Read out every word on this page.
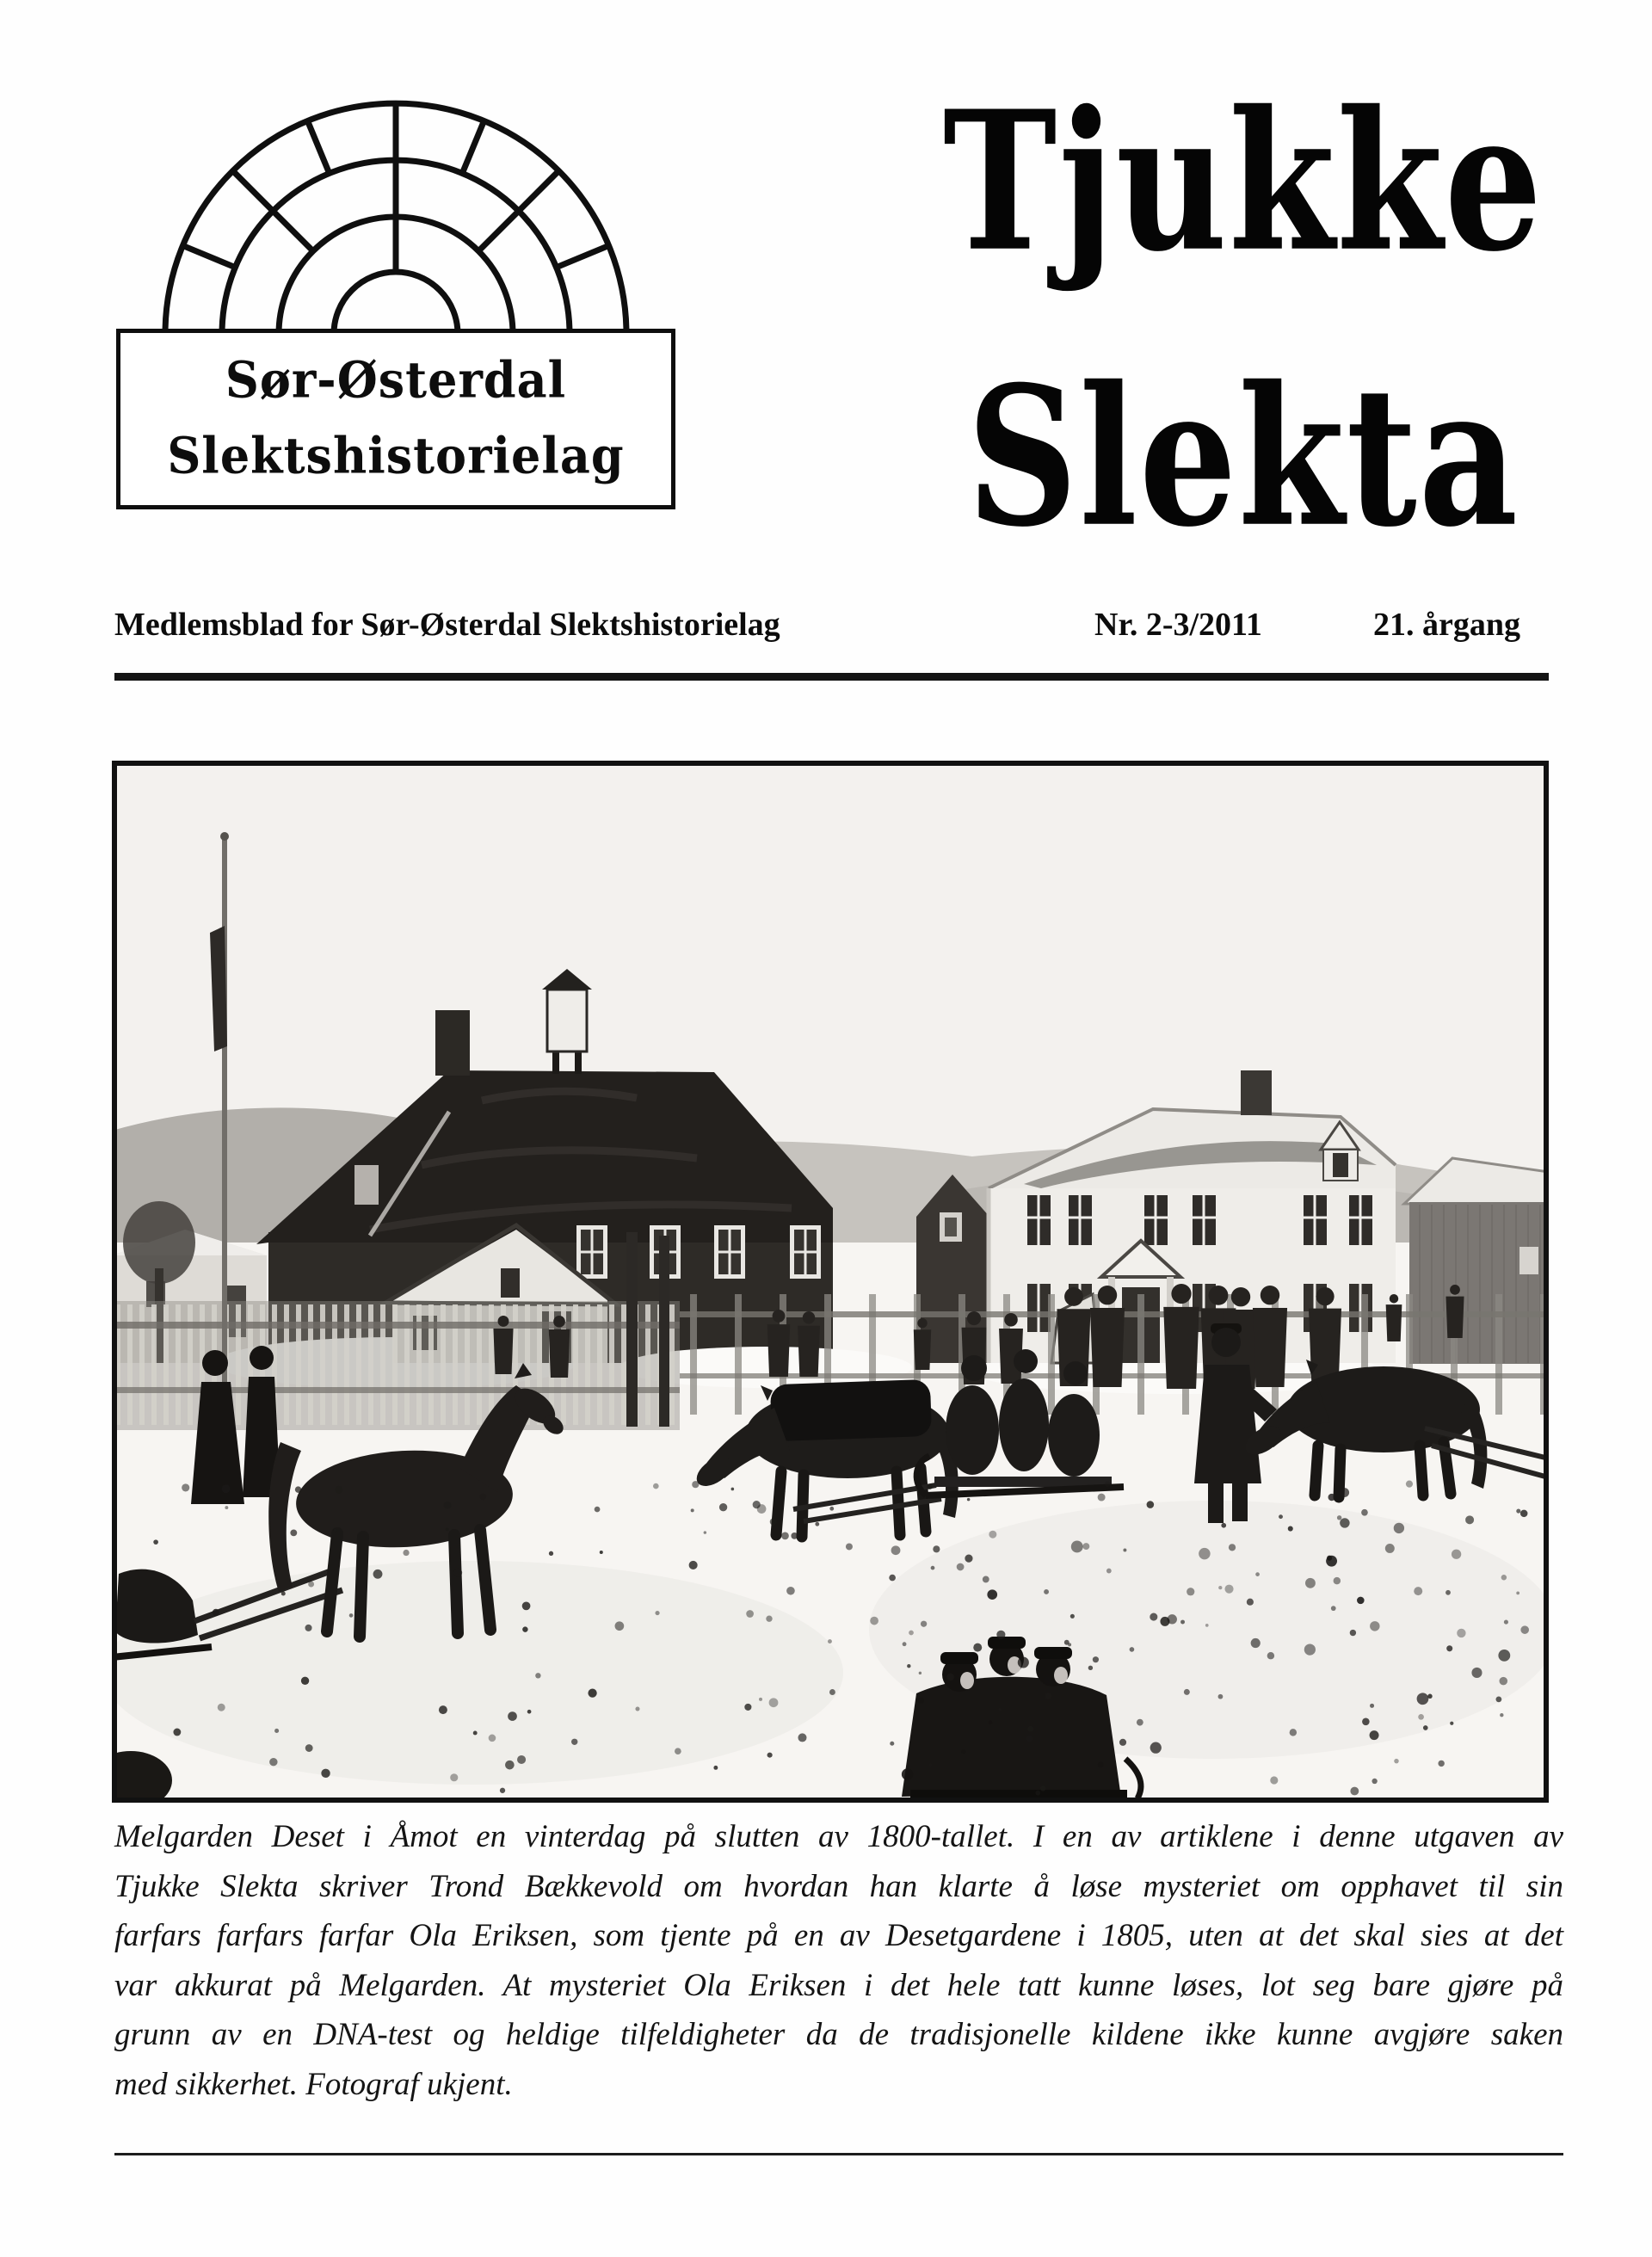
Sør-Østerdal
Slektshistorielag
Tjukke
Slekta
Medlemsblad for Sør-Østerdal Slektshistorielag	Nr. 2-3/2011	21. årgang
Melgarden Deset i Åmot en vinterdag på slutten av 1800-tallet. I en av artiklene i denne utgaven av
Tjukke Slekta skriver Trond Bækkevold om hvordan han klarte å løse mysteriet om opphavet til sin
farfars farfars farfar Ola Eriksen, som tjente på en av Desetgardene i 1805, uten at det skal sies at det
var akkurat på Melgarden. At mysteriet Ola Eriksen i det hele tatt kunne løses, lot seg bare gjøre på
grunn av en DNA-test og heldige tilfeldigheter da de tradisjonelle kildene ikke kunne avgjøre saken
med sikkerhet. Fotograf ukjent.
